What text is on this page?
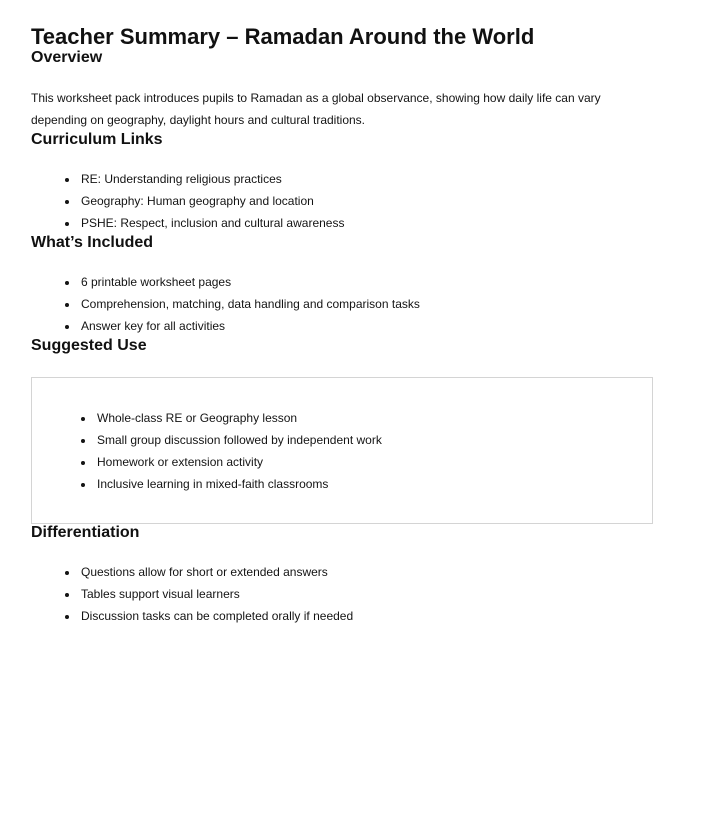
Teacher Summary – Ramadan Around the World
Overview

This worksheet pack introduces pupils to Ramadan as a global observance, showing how daily life can vary depending on geography, daylight hours and cultural traditions.

Curriculum Links
• RE: Understanding religious practices
• Geography: Human geography and location
• PSHE: Respect, inclusion and cultural awareness
What’s Included
• 6 printable worksheet pages
• Comprehension, matching, data handling and comparison tasks
• Answer key for all activities
Suggested Use
• Whole-class RE or Geography lesson
• Small group discussion followed by independent work
• Homework or extension activity
• Inclusive learning in mixed-faith classrooms
Differentiation
• Questions allow for short or extended answers
• Tables support visual learners
• Discussion tasks can be completed orally if needed
